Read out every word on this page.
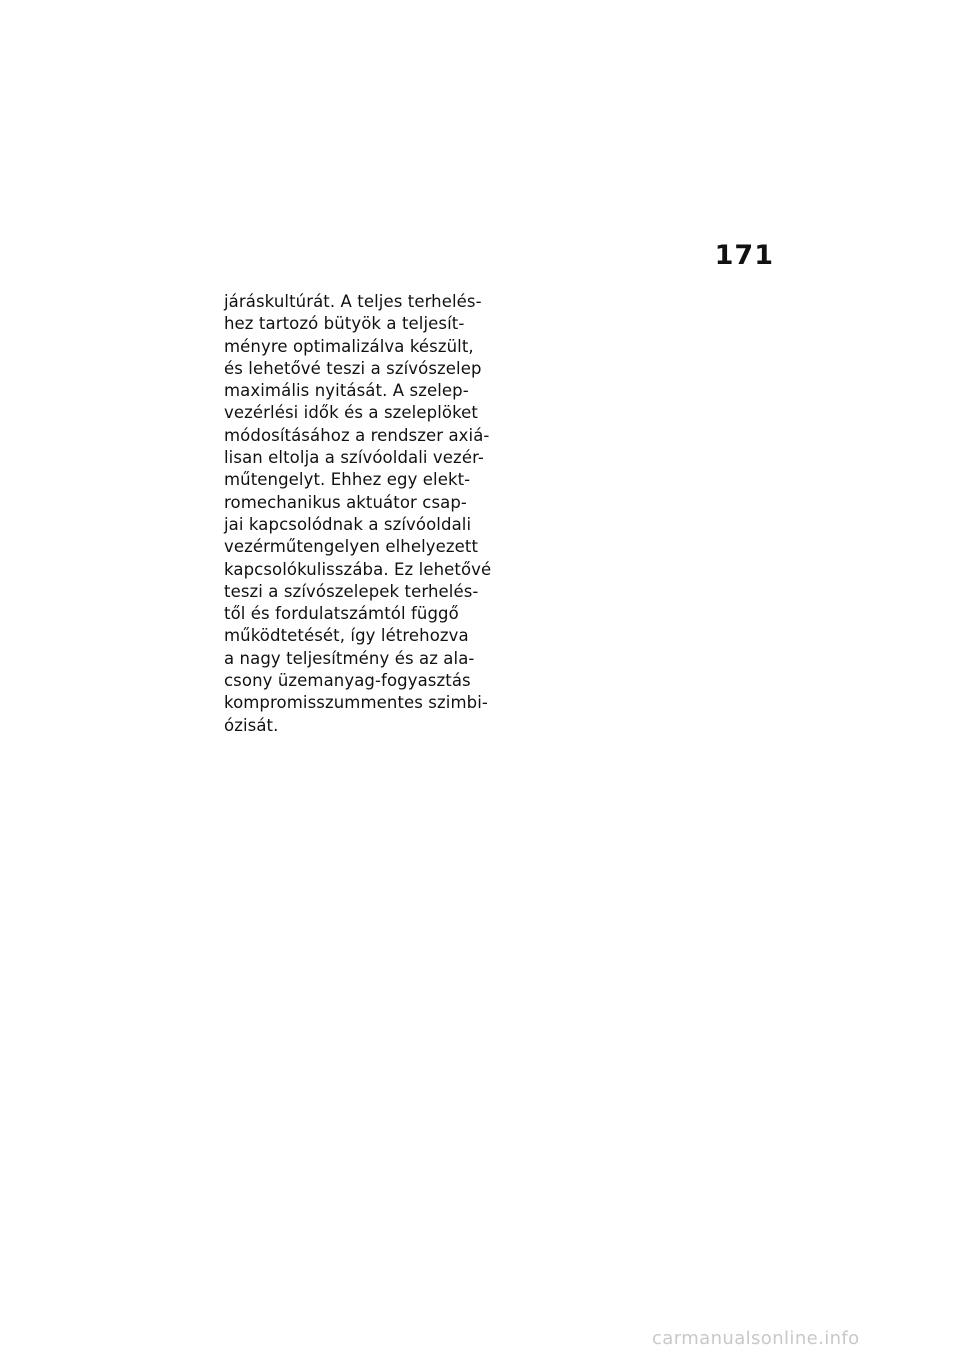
171
járáskultúrát. A teljes terhelés-
hez tartozó bütyök a teljesít-
ményre optimalizálva készült,
és lehetővé teszi a szívószelep
maximális nyitását. A szelep-
vezérlési idők és a szeleplöket
módosításához a rendszer axiá-
lisan eltolja a szívóoldali vezér-
műtengelyt. Ehhez egy elekt-
romechanikus aktuátor csap-
jai kapcsolódnak a szívóoldali
vezérműtengelyen elhelyezett
kapcsolókulisszába. Ez lehetővé
teszi a szívószelepek terhelés-
től és fordulatszámtól függő
működtetését, így létrehozva
a nagy teljesítmény és az ala-
csony üzemanyag-fogyasztás
kompromisszummentes szimbi-
ózisát.
carmanualsonline.info
